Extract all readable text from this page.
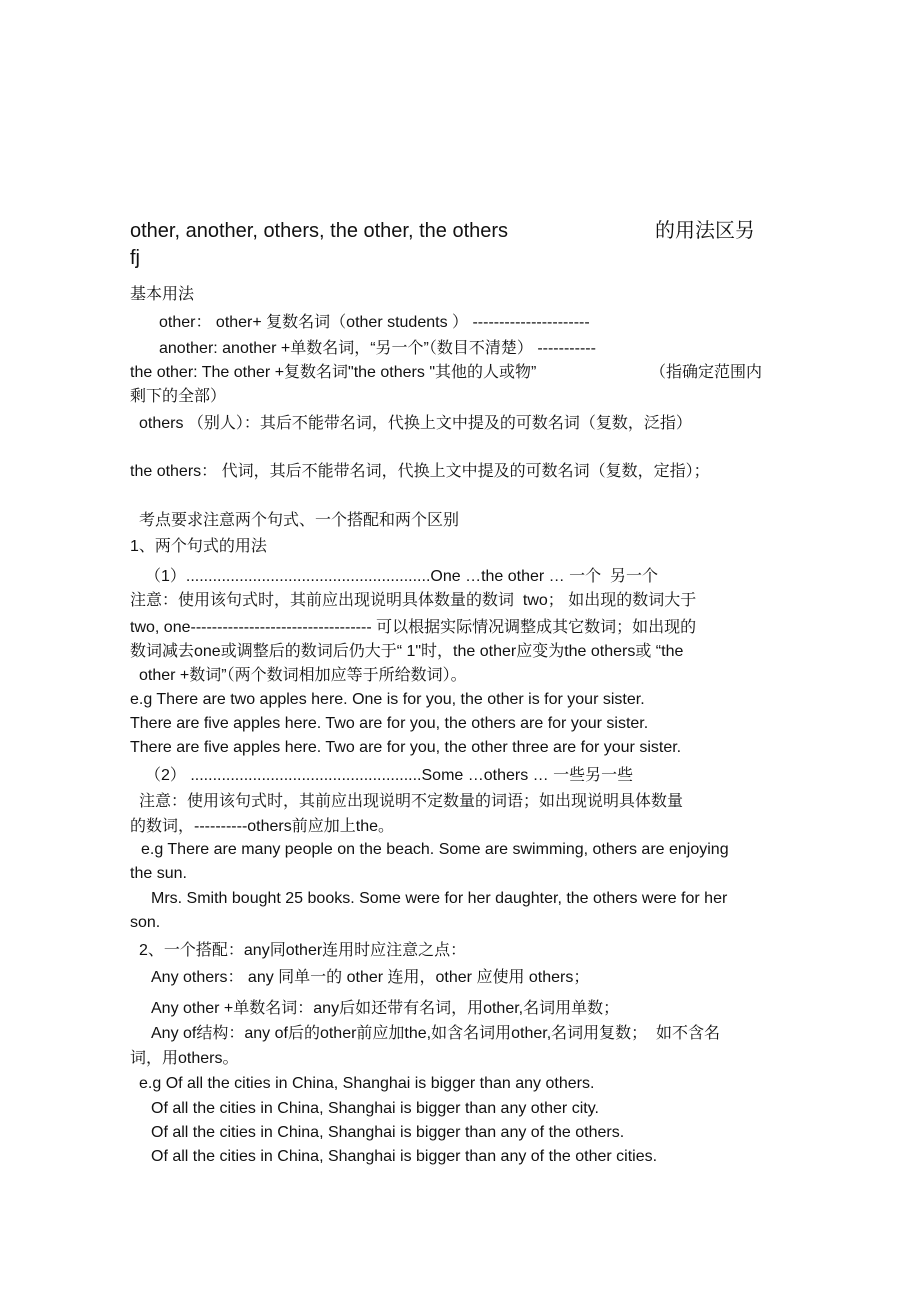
other, another, others, the other, the others	的用法区另
fj
基本用法
other： other+ 复数名词（other students ） ----------------------
another: another +单数名词，“另一个”（数目不清楚） -----------
the other: The other +复数名词"the others "其他的人或物”	（指确定范围内
剩下的全部）
others （别人）：其后不能带名词，代换上文中提及的可数名词（复数，泛指）
the others： 代词，其后不能带名词，代换上文中提及的可数名词（复数，定指）；
考点要求注意两个句式、一个搭配和两个区别
1、两个句式的用法
（1）.......................................................One …the other … 一个  另一个
注意：使用该句式时，其前应出现说明具体数量的数词  two； 如出现的数词大于
two, one---------------------------------- 可以根据实际情况调整成其它数词；如出现的
数词减去one或调整后的数词后仍大于“ 1"时，the other应变为the others或 “the
other +数词”（两个数词相加应等于所给数词）。
e.g There are two apples here. One is for you, the other is for your sister.
There are five apples here. Two are for you, the others are for your sister.
There are five apples here. Two are for you, the other three are for your sister.
（2） ....................................................Some …others … 一些另一些
注意：使用该句式时，其前应出现说明不定数量的词语；如出现说明具体数量
的数词，----------others前应加上the。
e.g There are many people on the beach. Some are swimming, others are enjoying
the sun.
Mrs. Smith bought 25 books. Some were for her daughter, the others were for her
son.
2、一个搭配：any同other连用时应注意之点：
Any others： any 同单一的 other 连用，other 应使用 others；
Any other +单数名词：any后如还带有名词，用other,名词用单数；
Any of结构：any of后的other前应加the,如含名词用other,名词用复数；  如不含名
词，用others。
e.g Of all the cities in China, Shanghai is bigger than any others.
Of all the cities in China, Shanghai is bigger than any other city.
Of all the cities in China, Shanghai is bigger than any of the others.
Of all the cities in China, Shanghai is bigger than any of the other cities.
